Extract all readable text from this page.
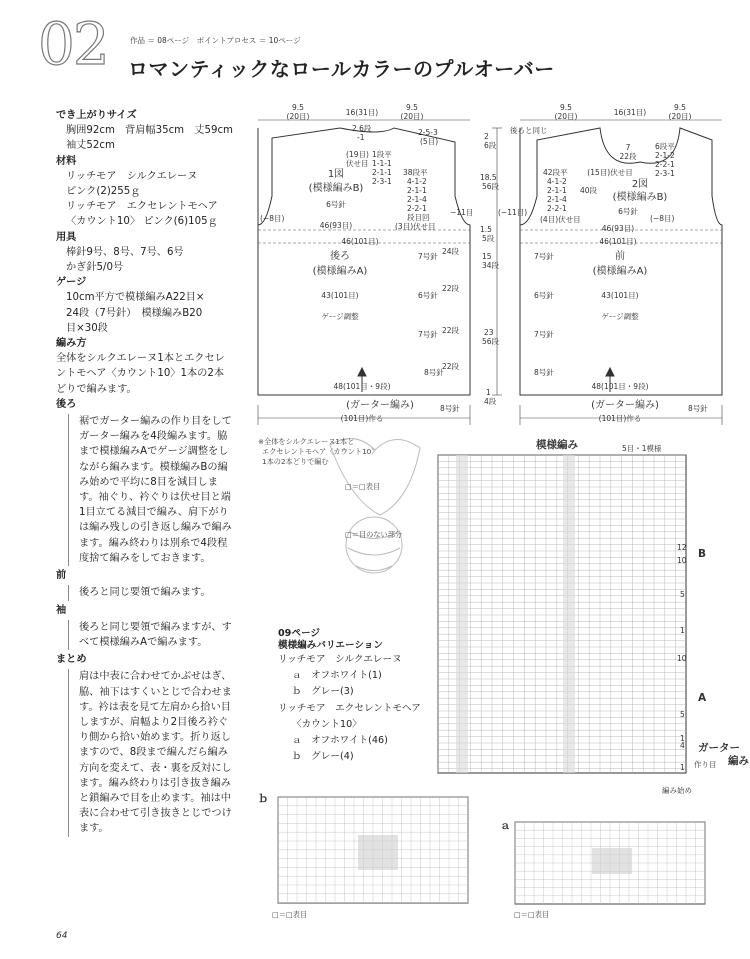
02	作品 ＝ 08ページ　ポイントプロセス ＝ 10ページ
ロマンティックなロールカラーのプルオーバー
でき上がりサイズ
胸囲92cm　背肩幅35cm　丈59cm
袖丈52cm
材料
リッチモア　シルクエレーヌ
ピンク(2)255ｇ
リッチモア　エクセレントモヘア
〈カウント10〉 ピンク(6)105ｇ
用具
棒針9号、8号、7号、6号
かぎ針5/0号
ゲージ
10cm平方で模様編みA22目×
24段（7号針）　模様編みB20
目×30段
編み方
全体をシルクエレーヌ1本とエクセレントモヘア〈カウント10〉1本の2本どりで編みます。
後ろ
裾でガーター編みの作り目をしてガーター編みを4段編みます。脇まで模様編みAでゲージ調整をしながら編みます。模様編みBの編み始めで平均に8目を減目します。袖ぐり、衿ぐりは伏せ目と端1目立てる減目で編み、肩下がりは編み残しの引き返し編みで編みます。編み終わりは別糸で4段程度捨て編みをしておきます。
前
後ろと同じ要領で編みます。
袖
後ろと同じ要領で編みますが、すべて模様編みAで編みます。
まとめ
肩は中表に合わせてかぶせはぎ、脇、袖下はすくいとじで合わせます。衿は表を見て左肩から拾い目しますが、肩幅より2目後ろ衿ぐり側から拾い始めます。折り返しますので、8段まで編んだら編み方向を変えて、表・裏を反対にします。編み終わりは引き抜き編みと鎖編みで目を止めます。袖は中表に合わせて引き抜きとじでつけます。
9.5
(20目)	16(31目)
9.5
(20目)
2 6段
-1
(19目)
伏せ目
1段平
1-1-1
2-1-1
2-3-1
2-5-3
(5目)
1図
(模様編みB)
6号針
38段平
4-1-2
2-1-1
2-1-4
2-2-1
段目回
(3目)伏せ目
−11目
(−8目)
46(93目)
46(101目)
後ろ
(模様編みA)
7号針
24段
43(101目)	6号針
22段
ゲージ調整
7号針 22段
8号針
22段
48(101目・9段)
(ガーター編み)	8号針
(101目)作る
9.5
(20目)	16(31目)
9.5
(20目)
後ろと同じ
2
6段
18.5
56段
1.5
5段
15
34段
23
56段
1
4段
7
22段
6段平
2-1-2
2-2-1
2-3-1
42段平
4-1-2
2-1-1
2-1-4
2-2-1
(15目)伏せ目
40段
2図
(模様編みB)
6号針
(4目)伏せ目	(−8目)
(−11目)
46(93目)
46(101目)
前
(模様編みA)
7号針
43(101目)
6号針
ゲージ調整
7号針
8号針
48(101目・9段)
(ガーター編み)	8号針
(101目)作る
※全体をシルクエレーヌ1本と
エクセレントモヘア〈カウント10〉
1本の2本どりで編む
□＝□表目
□＝目のない部分
模様編み	5目・1模様
B
A
12
10
5
1
10
5
1
4
1
ガーター
作り目 編み
編み始め
09ページ
模様編みバリエーション
リッチモア　シルクエレーヌ
ａ　オフホワイト(1)
ｂ　グレー(3)
リッチモア　エクセレントモヘア
〈カウント10〉
ａ　オフホワイト(46)
ｂ　グレー(4)
ｂ
ａ
□＝□表目	□＝□表目
64
